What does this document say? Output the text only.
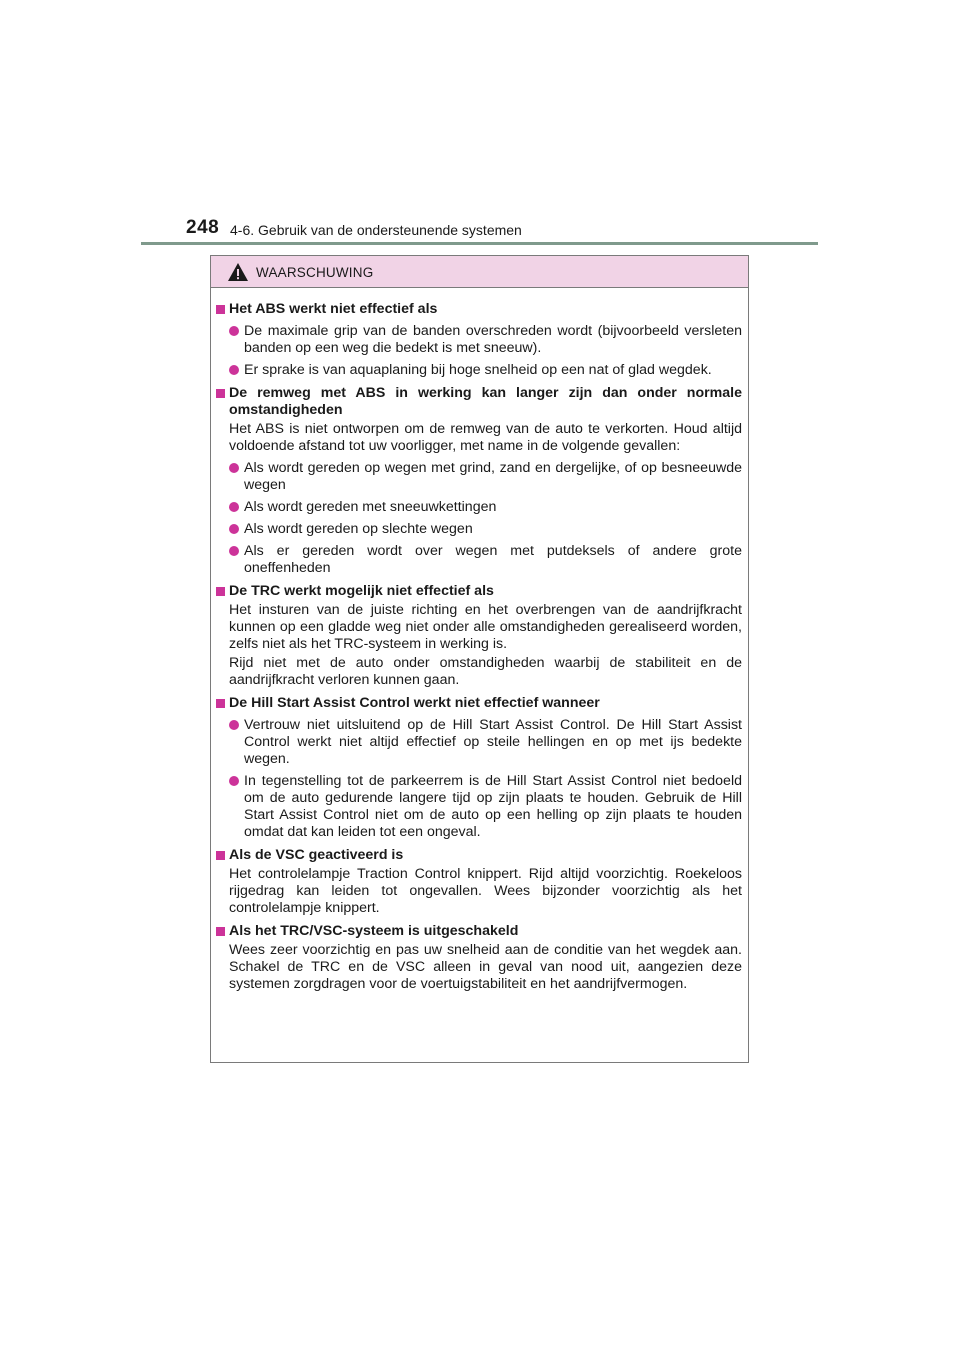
248 4-6. Gebruik van de ondersteunende systemen
WAARSCHUWING
Het ABS werkt niet effectief als
De maximale grip van de banden overschreden wordt (bijvoorbeeld versleten banden op een weg die bedekt is met sneeuw).
Er sprake is van aquaplaning bij hoge snelheid op een nat of glad wegdek.
De remweg met ABS in werking kan langer zijn dan onder normale omstandigheden
Het ABS is niet ontworpen om de remweg van de auto te verkorten. Houd altijd voldoende afstand tot uw voorligger, met name in de volgende gevallen:
Als wordt gereden op wegen met grind, zand en dergelijke, of op besneeuwde wegen
Als wordt gereden met sneeuwkettingen
Als wordt gereden op slechte wegen
Als er gereden wordt over wegen met putdeksels of andere grote oneffenheden
De TRC werkt mogelijk niet effectief als
Het insturen van de juiste richting en het overbrengen van de aandrijfkracht kunnen op een gladde weg niet onder alle omstandigheden gerealiseerd worden, zelfs niet als het TRC-systeem in werking is.
Rijd niet met de auto onder omstandigheden waarbij de stabiliteit en de aandrijfkracht verloren kunnen gaan.
De Hill Start Assist Control werkt niet effectief wanneer
Vertrouw niet uitsluitend op de Hill Start Assist Control. De Hill Start Assist Control werkt niet altijd effectief op steile hellingen en op met ijs bedekte wegen.
In tegenstelling tot de parkeerrem is de Hill Start Assist Control niet bedoeld om de auto gedurende langere tijd op zijn plaats te houden. Gebruik de Hill Start Assist Control niet om de auto op een helling op zijn plaats te houden omdat dat kan leiden tot een ongeval.
Als de VSC geactiveerd is
Het controlelampje Traction Control knippert. Rijd altijd voorzichtig. Roekeloos rijgedrag kan leiden tot ongevallen. Wees bijzonder voorzichtig als het controlelampje knippert.
Als het TRC/VSC-systeem is uitgeschakeld
Wees zeer voorzichtig en pas uw snelheid aan de conditie van het wegdek aan. Schakel de TRC en de VSC alleen in geval van nood uit, aangezien deze systemen zorgdragen voor de voertuigstabiliteit en het aandrijfvermogen.
